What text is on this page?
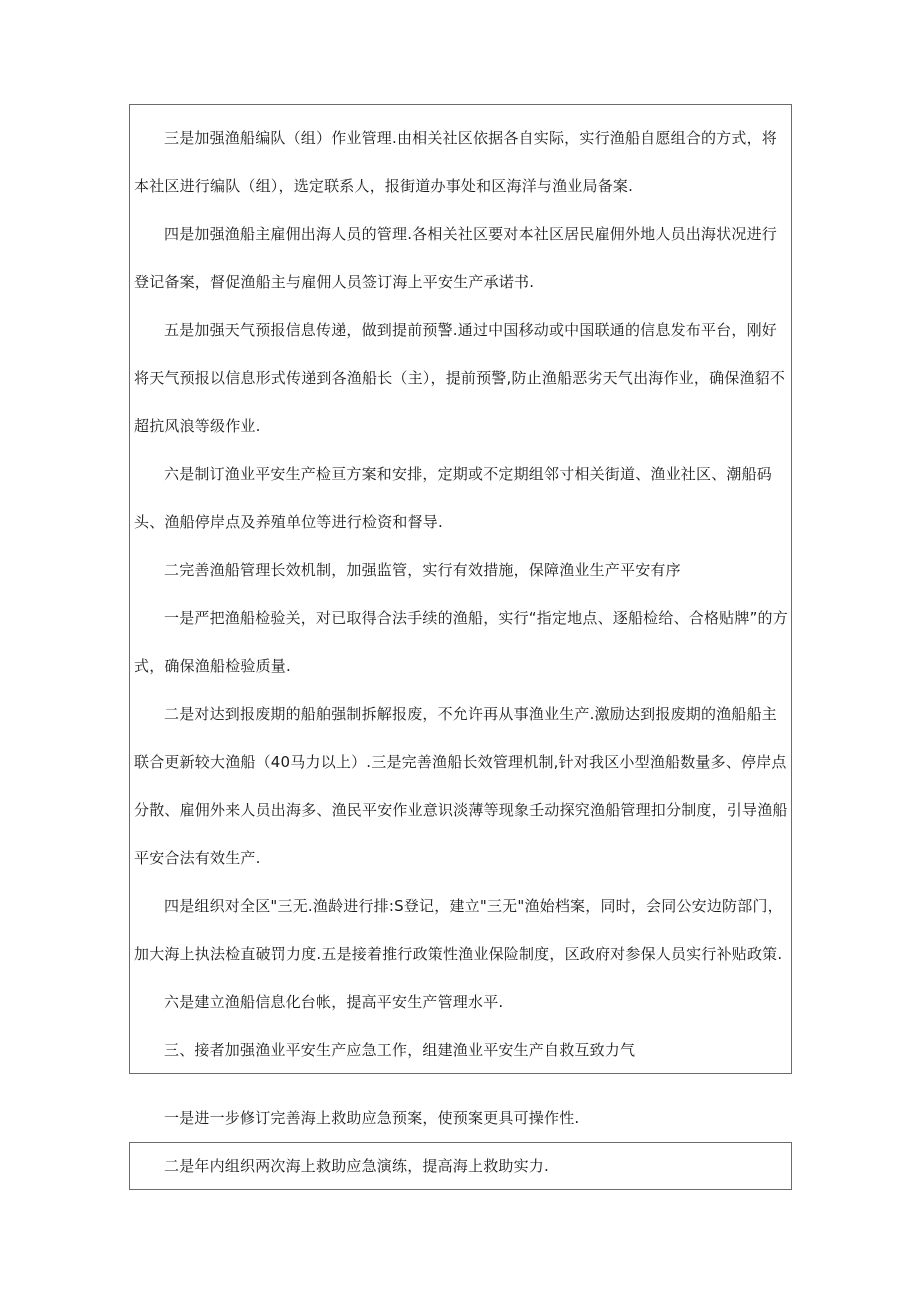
三是加强渔船编队（组）作业管理.由相关社区依据各自实际，实行渔船自愿组合的方式，将本社区进行编队（组），选定联系人，报街道办事处和区海洋与渔业局备案.

四是加强渔船主雇佣出海人员的管理.各相关社区要对本社区居民雇佣外地人员出海状况进行登记备案，督促渔船主与雇佣人员签订海上平安生产承诺书.

五是加强天气预报信息传递，做到提前预警.通过中国移动或中国联通的信息发布平台，刚好将天气预报以信息形式传递到各渔船长（主），提前预警,防止渔船恶劣天气出海作业，确保渔貂不超抗风浪等级作业.

六是制订渔业平安生产检亘方案和安排，定期或不定期组邻寸相关街道、渔业社区、潮船码头、渔船停岸点及养殖单位等进行检资和督导.

二完善渔船管理长效机制，加强监管，实行有效措施，保障渔业生产平安有序

一是严把渔船检验关，对已取得合法手续的渔船，实行“指定地点、逐船检给、合格贴牌”的方式，确保渔船检验质量.

二是对达到报废期的船舶强制拆解报废，不允许再从事渔业生产.激励达到报废期的渔船船主联合更新较大渔船（40马力以上）.三是完善渔船长效管理机制,针对我区小型渔船数量多、停岸点分散、雇佣外来人员出海多、渔民平安作业意识淡薄等现象壬动探究渔船管理扣分制度，引导渔船平安合法有效生产.

四是组织对全区"三无.渔龄进行排:S登记，建立"三无"渔始档案，同时，会同公安边防部门，加大海上执法检直破罚力度.五是接着推行政策性渔业保险制度，区政府对参保人员实行补贴政策.

六是建立渔船信息化台帐，提高平安生产管理水平.

三、接者加强渔业平安生产应急工作，组建渔业平安生产自救互致力气

一是进一步修订完善海上救助应急预案，使预案更具可操作性.

二是年内组织两次海上救助应急演练，提高海上救助实力.
